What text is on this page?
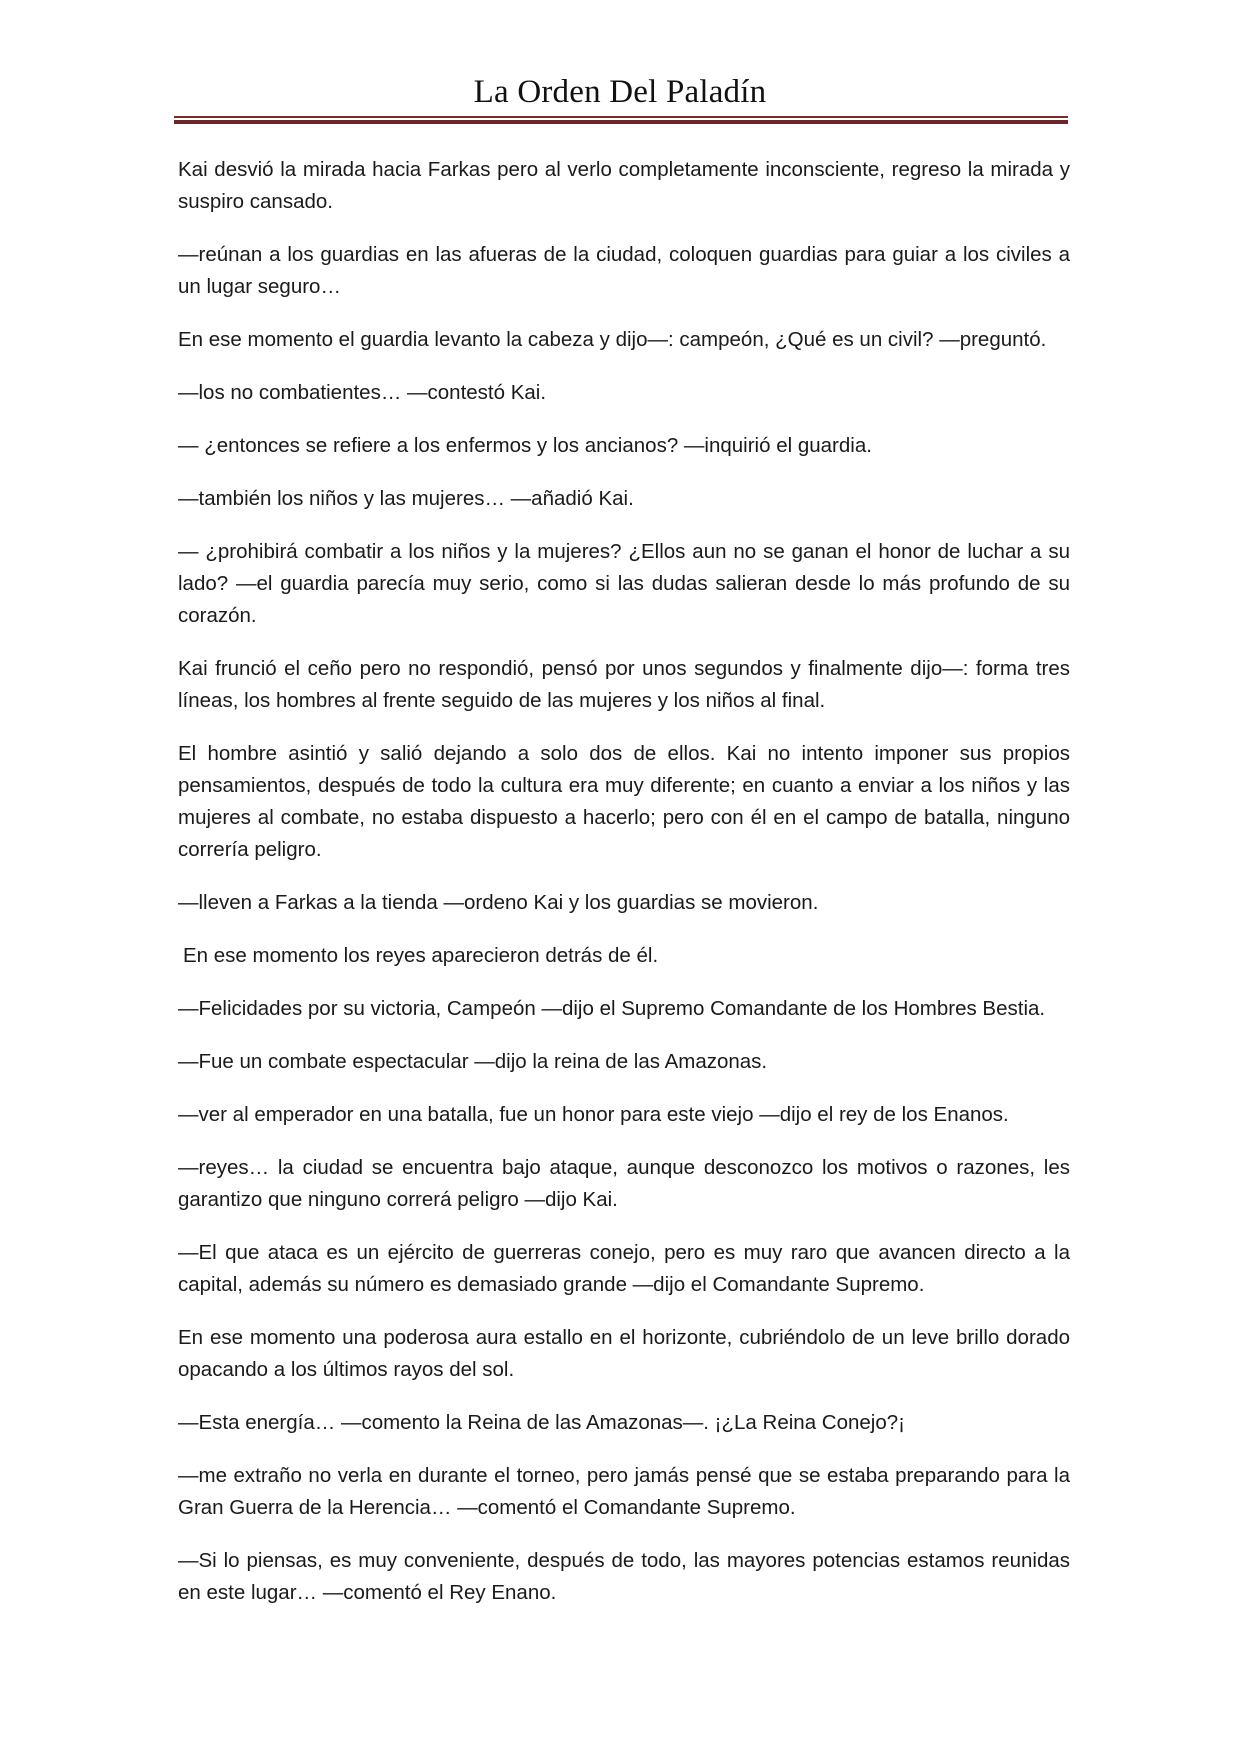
La Orden Del Paladín

Kai desvió la mirada hacia Farkas pero al verlo completamente inconsciente, regreso la mirada y suspiro cansado.

—reúnan a los guardias en las afueras de la ciudad, coloquen guardias para guiar a los civiles a un lugar seguro…

En ese momento el guardia levanto la cabeza y dijo—: campeón, ¿Qué es un civil? —preguntó.

—los no combatientes… —contestó Kai.

— ¿entonces se refiere a los enfermos y los ancianos? —inquirió el guardia.

—también los niños y las mujeres… —añadió Kai.

— ¿prohibirá combatir a los niños y la mujeres? ¿Ellos aun no se ganan el honor de luchar a su lado? —el guardia parecía muy serio, como si las dudas salieran desde lo más profundo de su corazón.

Kai frunció el ceño pero no respondió, pensó por unos segundos y finalmente dijo—: forma tres líneas, los hombres al frente seguido de las mujeres y los niños al final.

El hombre asintió y salió dejando a solo dos de ellos. Kai no intento imponer sus propios pensamientos, después de todo la cultura era muy diferente; en cuanto a enviar a los niños y las mujeres al combate, no estaba dispuesto a hacerlo; pero con él en el campo de batalla, ninguno correría peligro.

—lleven a Farkas a la tienda —ordeno Kai y los guardias se movieron.

En ese momento los reyes aparecieron detrás de él.

—Felicidades por su victoria, Campeón —dijo el Supremo Comandante de los Hombres Bestia.

—Fue un combate espectacular —dijo la reina de las Amazonas.

—ver al emperador en una batalla, fue un honor para este viejo —dijo el rey de los Enanos.

—reyes… la ciudad se encuentra bajo ataque, aunque desconozco los motivos o razones, les garantizo que ninguno correrá peligro —dijo Kai.

—El que ataca es un ejército de guerreras conejo, pero es muy raro que avancen directo a la capital, además su número es demasiado grande —dijo el Comandante Supremo.

En ese momento una poderosa aura estallo en el horizonte, cubriéndolo de un leve brillo dorado opacando a los últimos rayos del sol.

—Esta energía… —comento la Reina de las Amazonas—. ¡¿La Reina Conejo?¡

—me extraño no verla en durante el torneo, pero jamás pensé que se estaba preparando para la Gran Guerra de la Herencia… —comentó el Comandante Supremo.

—Si lo piensas, es muy conveniente, después de todo, las mayores potencias estamos reunidas en este lugar… —comentó el Rey Enano.
